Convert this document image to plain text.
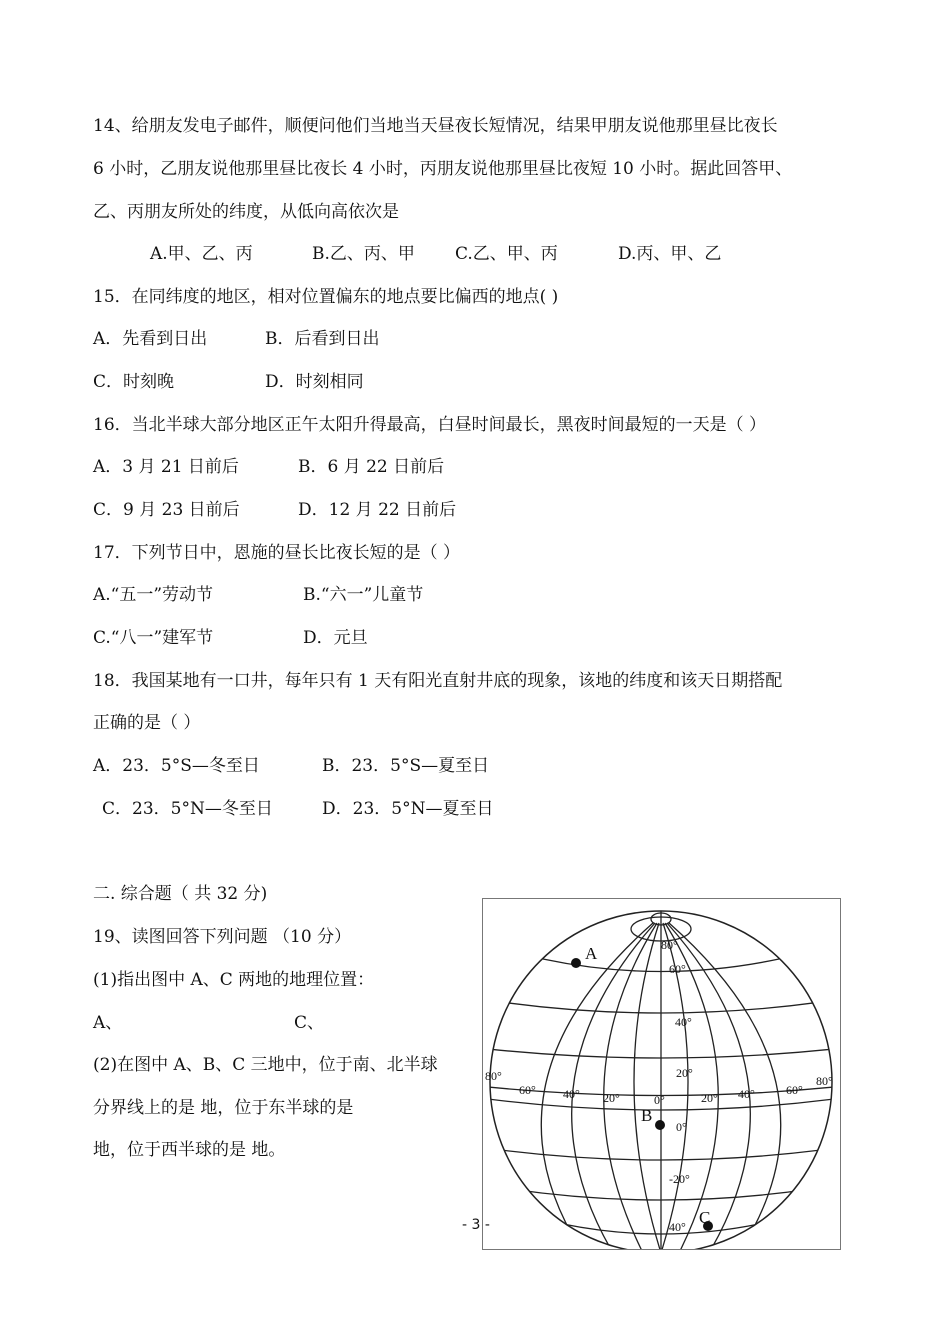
14、给朋友发电子邮件，顺便问他们当地当天昼夜长短情况，结果甲朋友说他那里昼比夜长
6 小时，乙朋友说他那里昼比夜长 4 小时，丙朋友说他那里昼比夜短 10 小时。据此回答甲、
乙、丙朋友所处的纬度，从低向高依次是
A.甲、乙、丙	B.乙、丙、甲 C.乙、甲、丙	D.丙、甲、乙
15．在同纬度的地区，相对位置偏东的地点要比偏西的地点( )
A．先看到日出	B．后看到日出
C．时刻晚	D．时刻相同
16．当北半球大部分地区正午太阳升得最高，白昼时间最长，黑夜时间最短的一天是（ ）
A．3 月 21 日前后	B．6 月 22 日前后
C．9 月 23 日前后	D．12 月 22 日前后
17．下列节日中，恩施的昼长比夜长短的是（ ）
A.“五一”劳动节	B.“六一”儿童节
C.“八一”建军节	D．元旦
18．我国某地有一口井，每年只有 1 天有阳光直射井底的现象，该地的纬度和该天日期搭配
正确的是（ ）
A．23．5°S—冬至日	B．23．5°S—夏至日
C．23．5°N—冬至日	D．23．5°N—夏至日
二. 综合题（ 共 32 分)
19、读图回答下列问题 （10 分）
(1)指出图中 A、C 两地的地理位置：
A、	C、
(2)在图中 A、B、C 三地中，位于南、北半球
分界线上的是 地，位于东半球的是
地，位于西半球的是 地。
A
B
C
80°
60°
40°
20°
0°
-20°
40°
80°
60° 40° 20°	0°	20° 40°	60°
80°
- 3 -
